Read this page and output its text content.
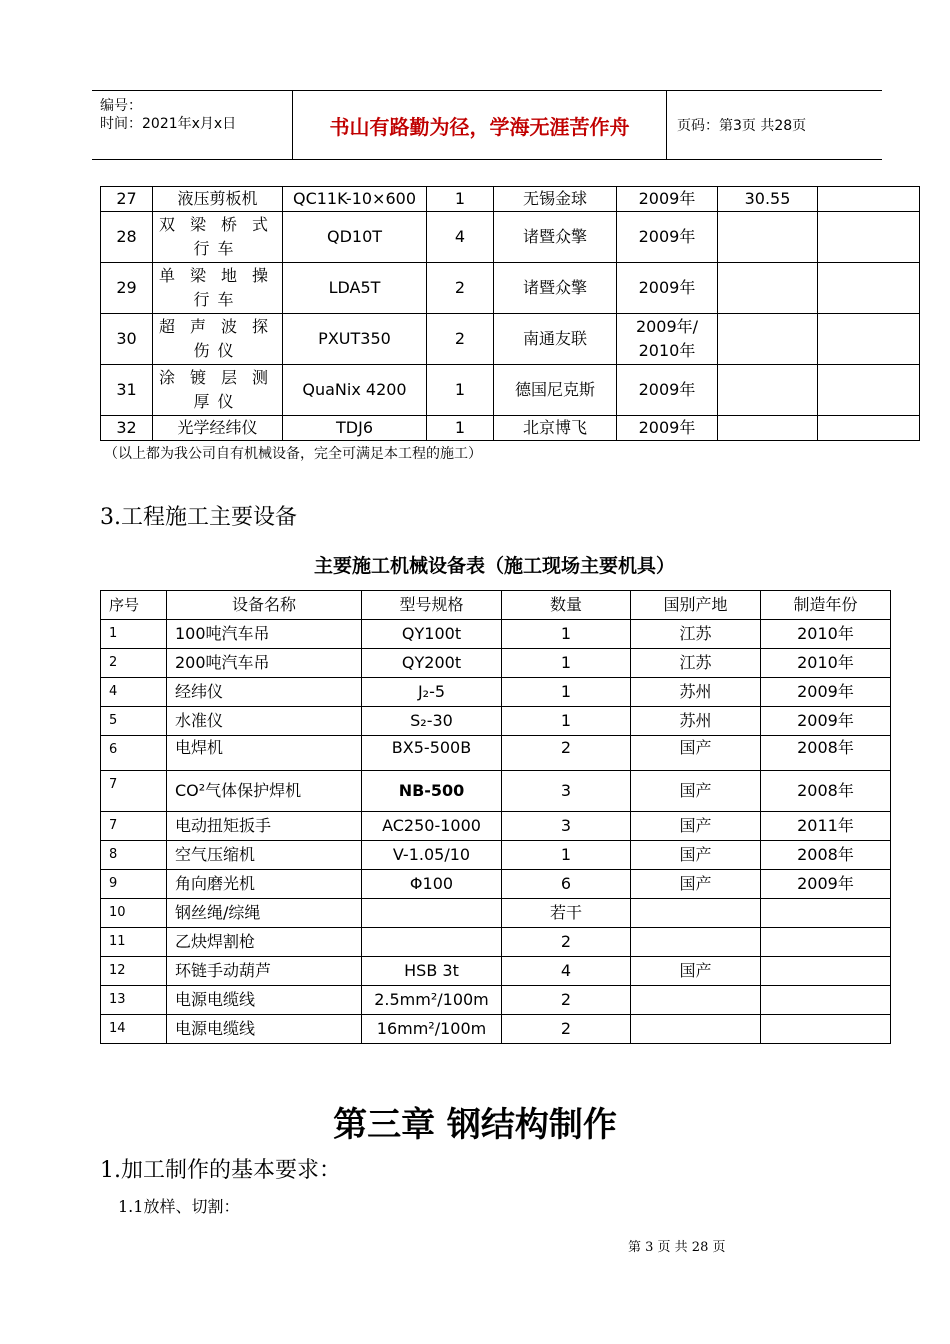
编号：
时间：2021年x月x日	书山有路勤为径，学海无涯苦作舟	页码：第3页 共28页
27	液压剪板机	QC11K-10×600	1	无锡金球	2009年	30.55	
28	双梁桥式行车	QD10T	4	诸暨众擎	2009年		
29	单梁地操行车	LDA5T	2	诸暨众擎	2009年		
30	超声波探伤仪	PXUT350	2	南通友联	2009年/ 2010年		
31	涂镀层测厚仪	QuaNix 4200	1	德国尼克斯	2009年		
32	光学经纬仪	TDJ6	1	北京博飞	2009年		
（以上都为我公司自有机械设备，完全可满足本工程的施工）
3.工程施工主要设备
主要施工机械设备表（施工现场主要机具）
序号	设备名称	型号规格	数量	国别产地	制造年份
1	100吨汽车吊	QY100t	1	江苏	2010年
2	200吨汽车吊	QY200t	1	江苏	2010年
4	经纬仪	J₂-5	1	苏州	2009年
5	水准仪	S₂-30	1	苏州	2009年
6	电焊机	BX5-500B	2	国产	2008年
7	CO²气体保护焊机	NB-500	3	国产	2008年
7	电动扭矩扳手	AC250-1000	3	国产	2011年
8	空气压缩机	V-1.05/10	1	国产	2008年
9	角向磨光机	Φ100	6	国产	2009年
10	钢丝绳/综绳		若干		
11	乙炔焊割枪		2		
12	环链手动葫芦	HSB 3t	4	国产	
13	电源电缆线	2.5mm²/100m	2		
14	电源电缆线	16mm²/100m	2		
第三章 钢结构制作
1.加工制作的基本要求：
1.1放样、切割：
第 3 页 共 28 页
